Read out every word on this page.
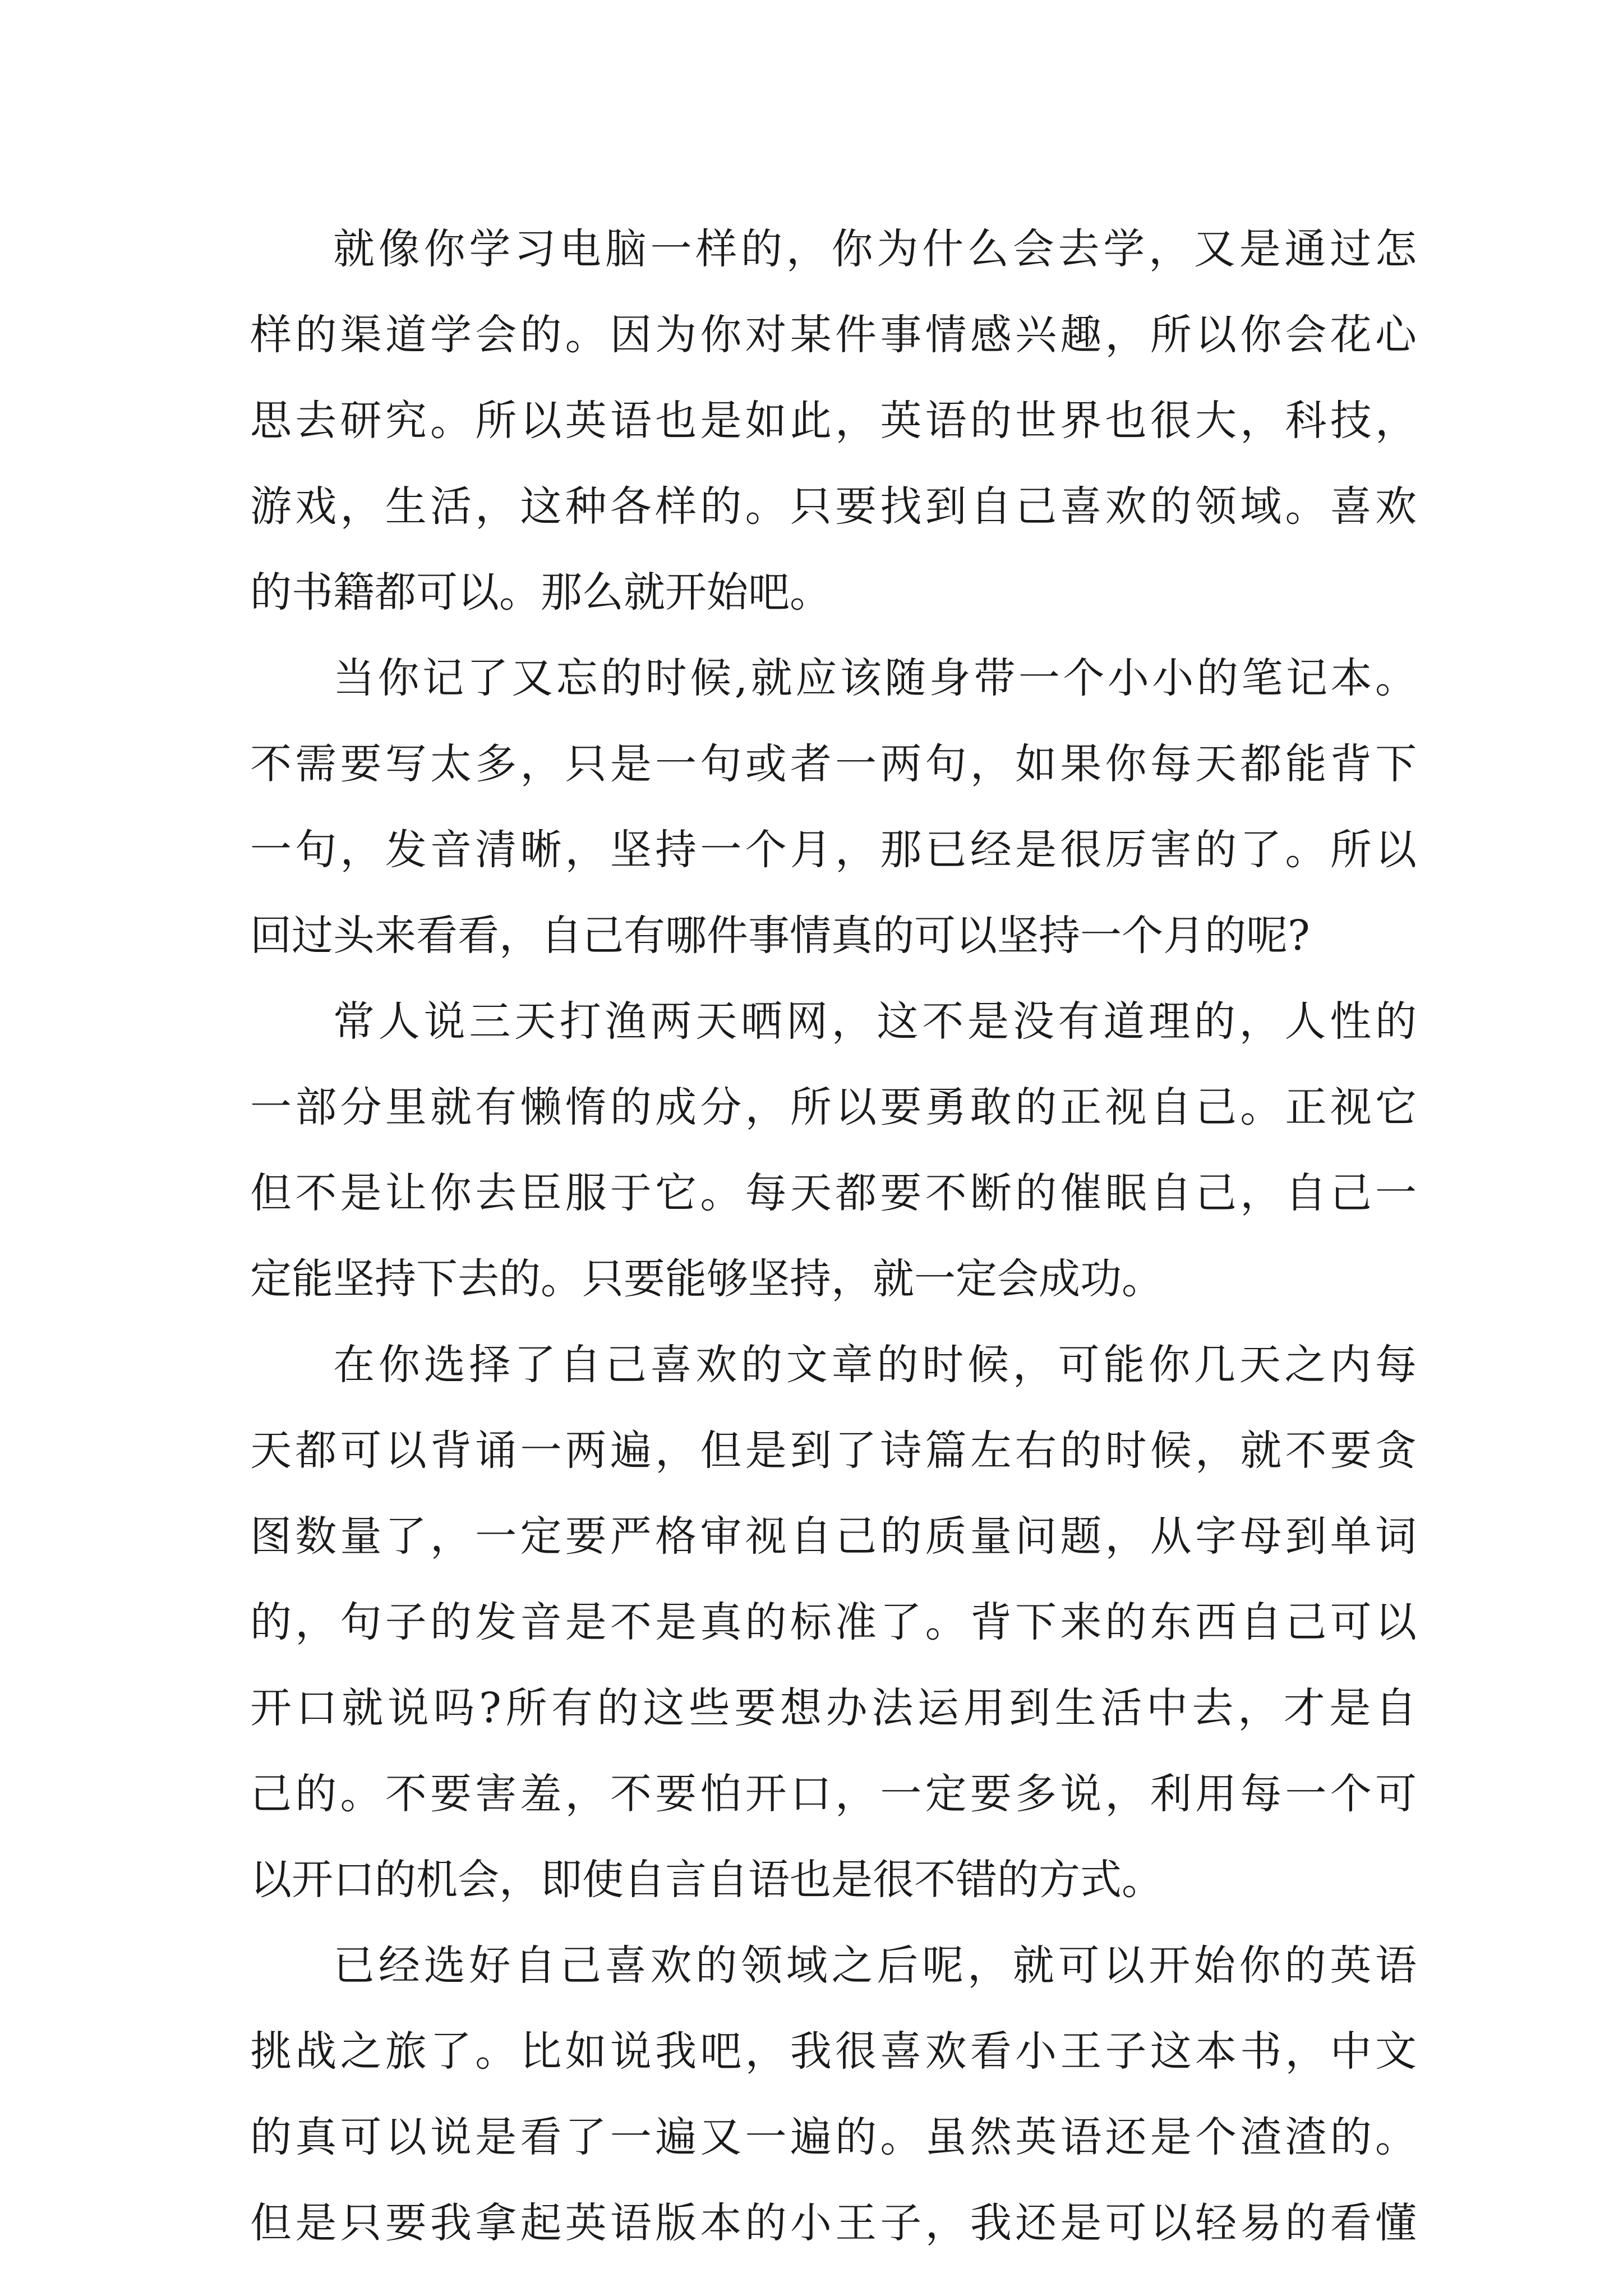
就像你学习电脑一样的，你为什么会去学，又是通过怎
样的渠道学会的。因为你对某件事情感兴趣，所以你会花心
思去研究。所以英语也是如此，英语的世界也很大，科技，
游戏，生活，这种各样的。只要找到自己喜欢的领域。喜欢
的书籍都可以。那么就开始吧。
当你记了又忘的时候,就应该随身带一个小小的笔记本。
不需要写太多，只是一句或者一两句，如果你每天都能背下
一句，发音清晰，坚持一个月，那已经是很厉害的了。所以
回过头来看看，自己有哪件事情真的可以坚持一个月的呢?
常人说三天打渔两天晒网，这不是没有道理的，人性的
一部分里就有懒惰的成分，所以要勇敢的正视自己。正视它
但不是让你去臣服于它。每天都要不断的催眠自己，自己一
定能坚持下去的。只要能够坚持，就一定会成功。
在你选择了自己喜欢的文章的时候，可能你几天之内每
天都可以背诵一两遍，但是到了诗篇左右的时候，就不要贪
图数量了，一定要严格审视自己的质量问题，从字母到单词
的，句子的发音是不是真的标准了。背下来的东西自己可以
开口就说吗?所有的这些要想办法运用到生活中去，才是自
己的。不要害羞，不要怕开口，一定要多说，利用每一个可
以开口的机会，即使自言自语也是很不错的方式。
已经选好自己喜欢的领域之后呢，就可以开始你的英语
挑战之旅了。比如说我吧，我很喜欢看小王子这本书，中文
的真可以说是看了一遍又一遍的。虽然英语还是个渣渣的。
但是只要我拿起英语版本的小王子，我还是可以轻易的看懂
